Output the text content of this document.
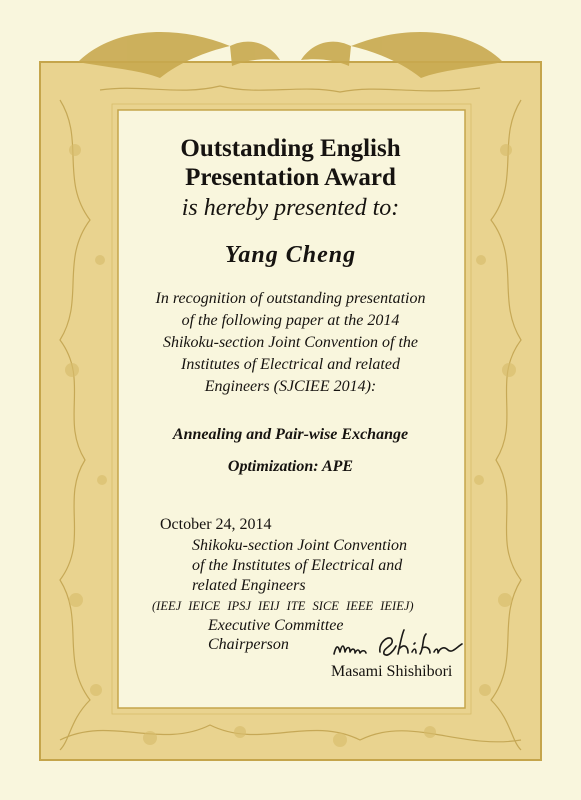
Outstanding English
Presentation Award
is hereby presented to:
Yang Cheng
In recognition of outstanding presentation
of the following paper at the 2014
Shikoku-section Joint Convention of the
Institutes of Electrical and related
Engineers (SJCIEE 2014):
Annealing and Pair-wise Exchange
Optimization: APE
October 24, 2014
Shikoku-section Joint Convention
of the Institutes of Electrical and
related Engineers
(IEEJ IEICE IPSJ IEIJ ITE SICE IEEE IEIEJ)
Executive Committee
Chairperson
Masami Shishibori
